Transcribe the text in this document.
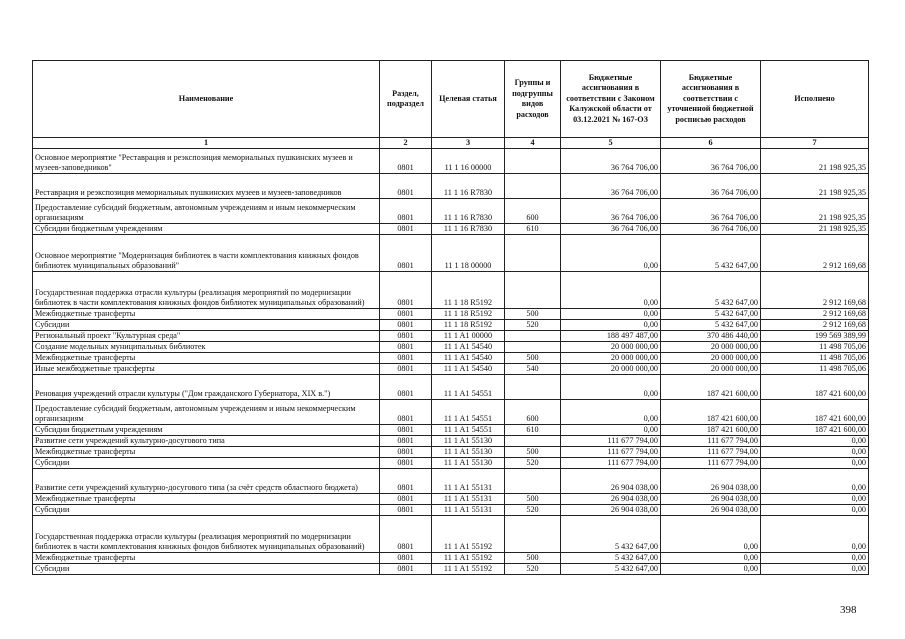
Наименование	Раздел, подраздел	Целевая статья	Группы и подгруппы видов расходов	Бюджетные ассигнования в соответствии с Законом Калужской области от 03.12.2021 № 167-ОЗ	Бюджетные ассигнования в соответствии с уточненной бюджетной росписью расходов	Исполнено
1	2	3	4	5	6	7
Основное мероприятие "Реставрация и реэкспозиция мемориальных пушкинских музеев и музеев-заповедников"	0801	11 1 16 00000		36 764 706,00	36 764 706,00	21 198 925,35
Реставрация и реэкспозиция мемориальных пушкинских музеев и музеев-заповедников	0801	11 1 16 R7830		36 764 706,00	36 764 706,00	21 198 925,35
Предоставление субсидий бюджетным, автономным учреждениям и иным некоммерческим организациям	0801	11 1 16 R7830	600	36 764 706,00	36 764 706,00	21 198 925,35
Субсидии бюджетным учреждениям	0801	11 1 16 R7830	610	36 764 706,00	36 764 706,00	21 198 925,35
Основное мероприятие "Модернизация библиотек в части комплектования книжных фондов библиотек муниципальных образований"	0801	11 1 18 00000		0,00	5 432 647,00	2 912 169,68
Государственная поддержка отрасли культуры (реализация мероприятий по модернизации библиотек в части комплектования книжных фондов библиотек муниципальных образований)	0801	11 1 18 R5192		0,00	5 432 647,00	2 912 169,68
Межбюджетные трансферты	0801	11 1 18 R5192	500	0,00	5 432 647,00	2 912 169,68
Субсидии	0801	11 1 18 R5192	520	0,00	5 432 647,00	2 912 169,68
Региональный проект "Культурная среда"	0801	11 1 A1 00000		188 497 487,00	370 486 440,00	199 569 389,99
Создание модельных муниципальных библиотек	0801	11 1 A1 54540		20 000 000,00	20 000 000,00	11 498 705,06
Межбюджетные трансферты	0801	11 1 A1 54540	500	20 000 000,00	20 000 000,00	11 498 705,06
Иные межбюджетные трансферты	0801	11 1 A1 54540	540	20 000 000,00	20 000 000,00	11 498 705,06
Реновация учреждений отрасли культуры ("Дом гражданского Губернатора, XIX в.")	0801	11 1 A1 54551		0,00	187 421 600,00	187 421 600,00
Предоставление субсидий бюджетным, автономным учреждениям и иным некоммерческим организациям	0801	11 1 A1 54551	600	0,00	187 421 600,00	187 421 600,00
Субсидии бюджетным учреждениям	0801	11 1 A1 54551	610	0,00	187 421 600,00	187 421 600,00
Развитие сети учреждений культурно-досугового типа	0801	11 1 A1 55130		111 677 794,00	111 677 794,00	0,00
Межбюджетные трансферты	0801	11 1 A1 55130	500	111 677 794,00	111 677 794,00	0,00
Субсидии	0801	11 1 A1 55130	520	111 677 794,00	111 677 794,00	0,00
Развитие сети учреждений культурно-досугового типа (за счёт средств областного бюджета)	0801	11 1 A1 55131		26 904 038,00	26 904 038,00	0,00
Межбюджетные трансферты	0801	11 1 A1 55131	500	26 904 038,00	26 904 038,00	0,00
Субсидии	0801	11 1 A1 55131	520	26 904 038,00	26 904 038,00	0,00
Государственная поддержка отрасли культуры (реализация мероприятий по модернизации библиотек в части комплектования книжных фондов библиотек муниципальных образований)	0801	11 1 A1 55192		5 432 647,00	0,00	0,00
Межбюджетные трансферты	0801	11 1 A1 55192	500	5 432 647,00	0,00	0,00
Субсидии	0801	11 1 A1 55192	520	5 432 647,00	0,00	0,00
398
